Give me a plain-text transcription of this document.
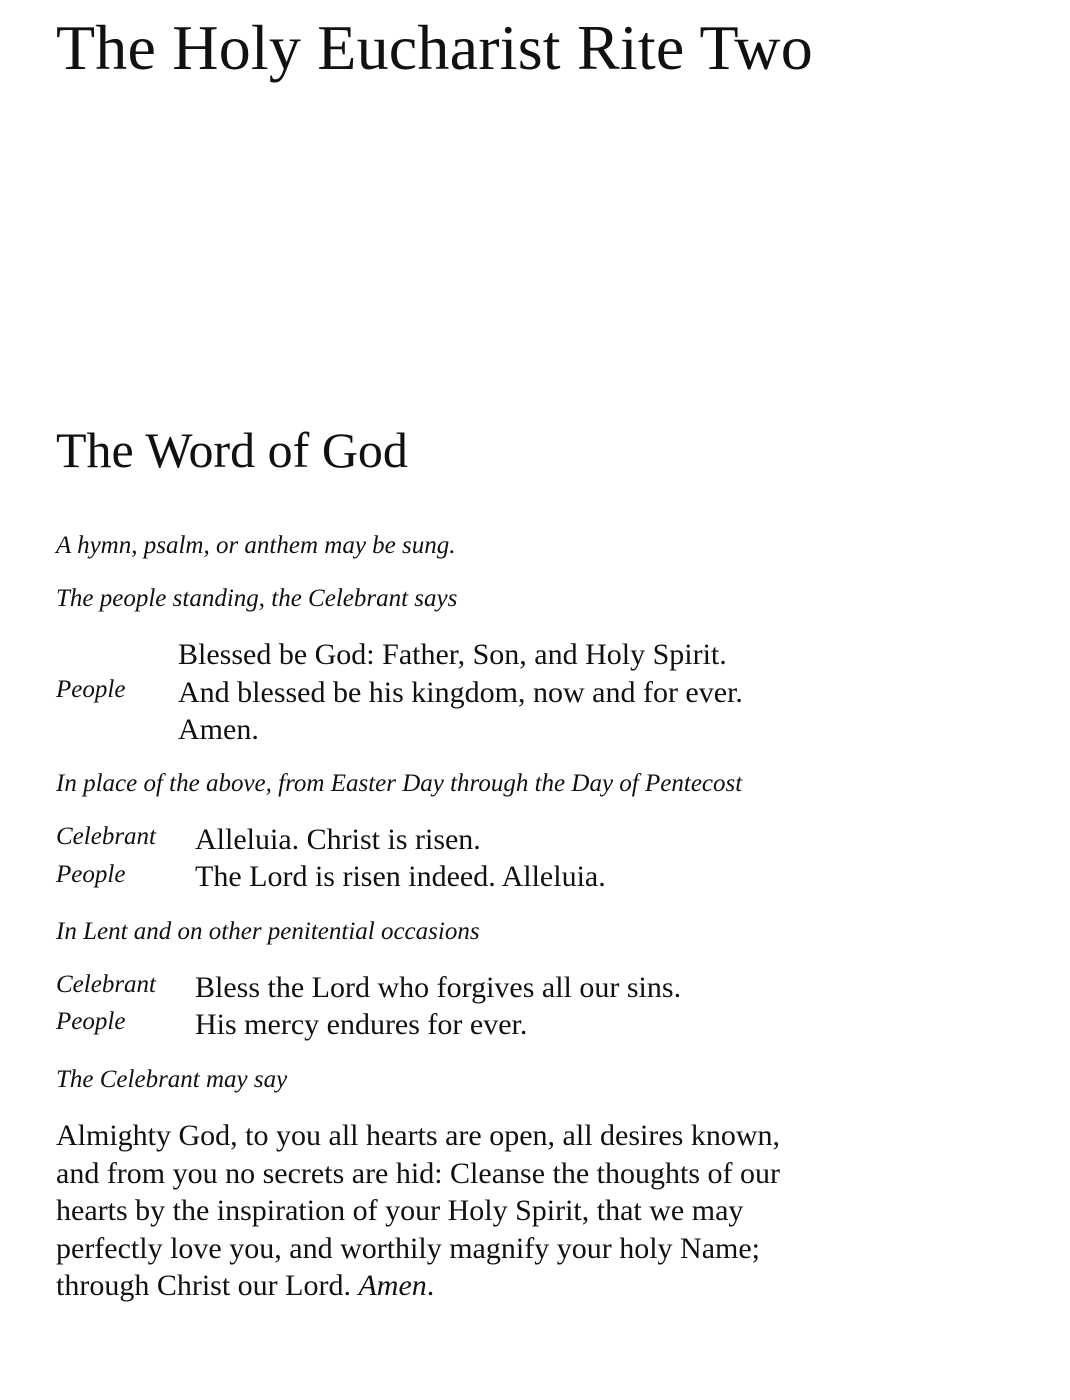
The Holy Eucharist Rite Two
The Word of God

A hymn, psalm, or anthem may be sung.

The people standing, the Celebrant says

Blessed be God: Father, Son, and Holy Spirit.

People And blessed be his kingdom, now and for ever.

Amen.

In place of the above, from Easter Day through the Day of Pentecost

Celebrant Alleluia. Christ is risen.

People The Lord is risen indeed. Alleluia.

In Lent and on other penitential occasions

Celebrant Bless the Lord who forgives all our sins.

People His mercy endures for ever.

The Celebrant may say

Almighty God, to you all hearts are open, all desires known,

and from you no secrets are hid: Cleanse the thoughts of our

hearts by the inspiration of your Holy Spirit, that we may

perfectly love you, and worthily magnify your holy Name;

through Christ our Lord. Amen.
